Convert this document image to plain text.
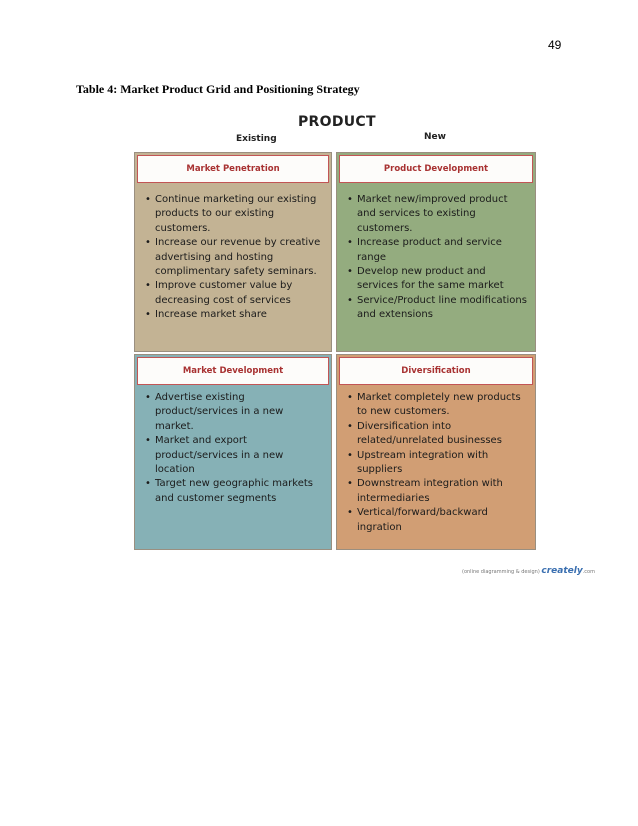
49
Table 4: Market Product Grid and Positioning Strategy
PRODUCT
Existing	New
Market Penetration
• Continue marketing our existing products to our existing customers.
• Increase our revenue by creative advertising and hosting complimentary safety seminars.
• Improve customer value by decreasing cost of services
• Increase market share
Product Development
• Market new/improved product and services to existing customers.
• Increase product and service range
• Develop new product and services for the same market
• Service/Product line modifications and extensions
Market Development
• Advertise existing product/services in a new market.
• Market and export product/services in a new location
• Target new geographic markets and customer segments
Diversification
• Market completely new products to new customers.
• Diversification into related/unrelated businesses
• Upstream integration with suppliers
• Downstream integration with intermediaries
• Vertical/forward/backward ingration
(online diagramming & design) creately.com
